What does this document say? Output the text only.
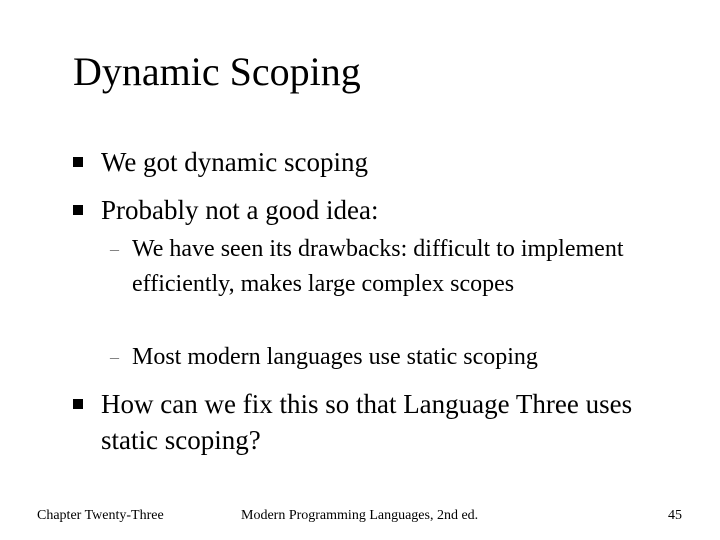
Dynamic Scoping
We got dynamic scoping
Probably not a good idea:
– We have seen its drawbacks: difficult to implement efficiently, makes large complex scopes
– Most modern languages use static scoping
How can we fix this so that Language Three uses static scoping?
Chapter Twenty-Three	Modern Programming Languages, 2nd ed.	45
